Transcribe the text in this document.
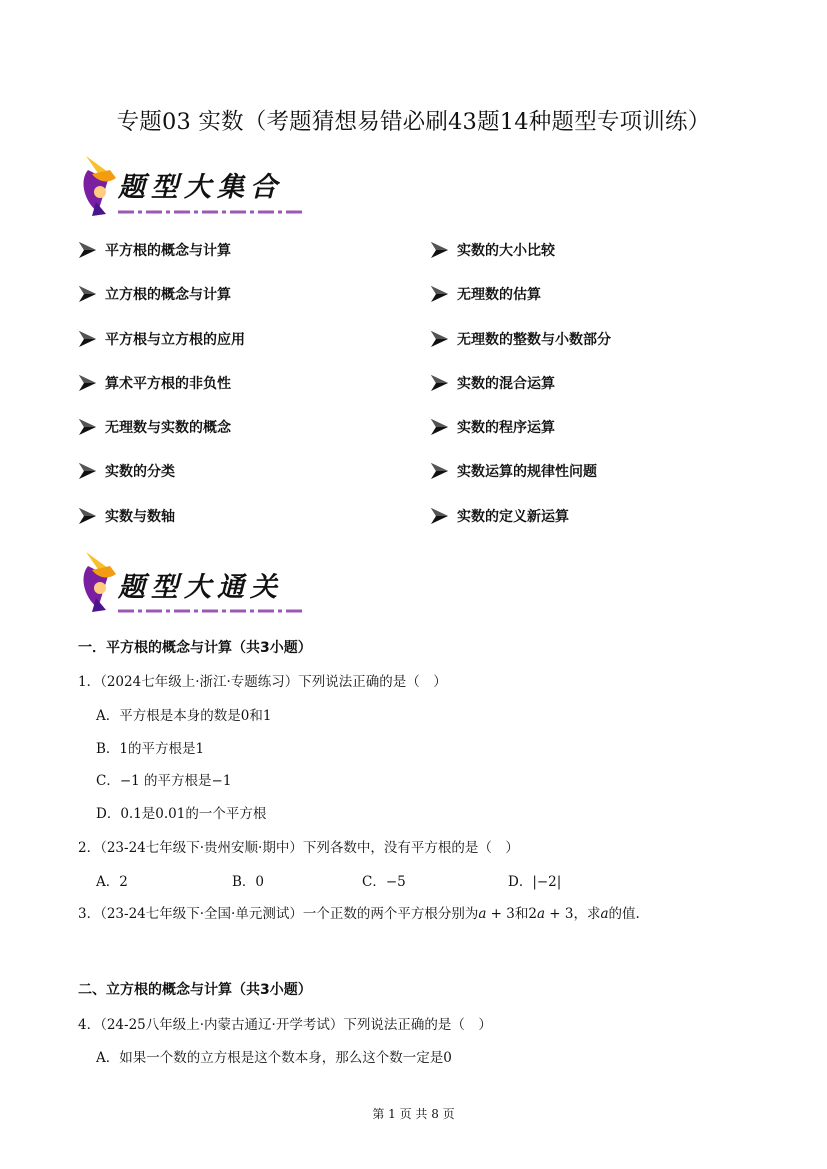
专题03 实数（考题猜想易错必刷43题14种题型专项训练）
题型大集合
平方根的概念与计算
立方根的概念与计算
平方根与立方根的应用
算术平方根的非负性
无理数与实数的概念
实数的分类
实数与数轴
实数的大小比较
无理数的估算
无理数的整数与小数部分
实数的混合运算
实数的程序运算
实数运算的规律性问题
实数的定义新运算
题型大通关
一．平方根的概念与计算（共3小题）
1．（2024七年级上·浙江·专题练习）下列说法正确的是（　）
A．平方根是本身的数是0和1
B．1的平方根是1
C．−1 的平方根是−1
D．0.1是0.01的一个平方根
2．（23-24七年级下·贵州安顺·期中）下列各数中，没有平方根的是（　）
A．2	B．0	C．−5	D．|−2|
3．（23-24七年级下·全国·单元测试）一个正数的两个平方根分别为𝑎 + 3和2𝑎 + 3，求𝑎的值.
二、立方根的概念与计算（共3小题）
4．（24-25八年级上·内蒙古通辽·开学考试）下列说法正确的是（　）
A．如果一个数的立方根是这个数本身，那么这个数一定是0
第 1 页 共 8 页
